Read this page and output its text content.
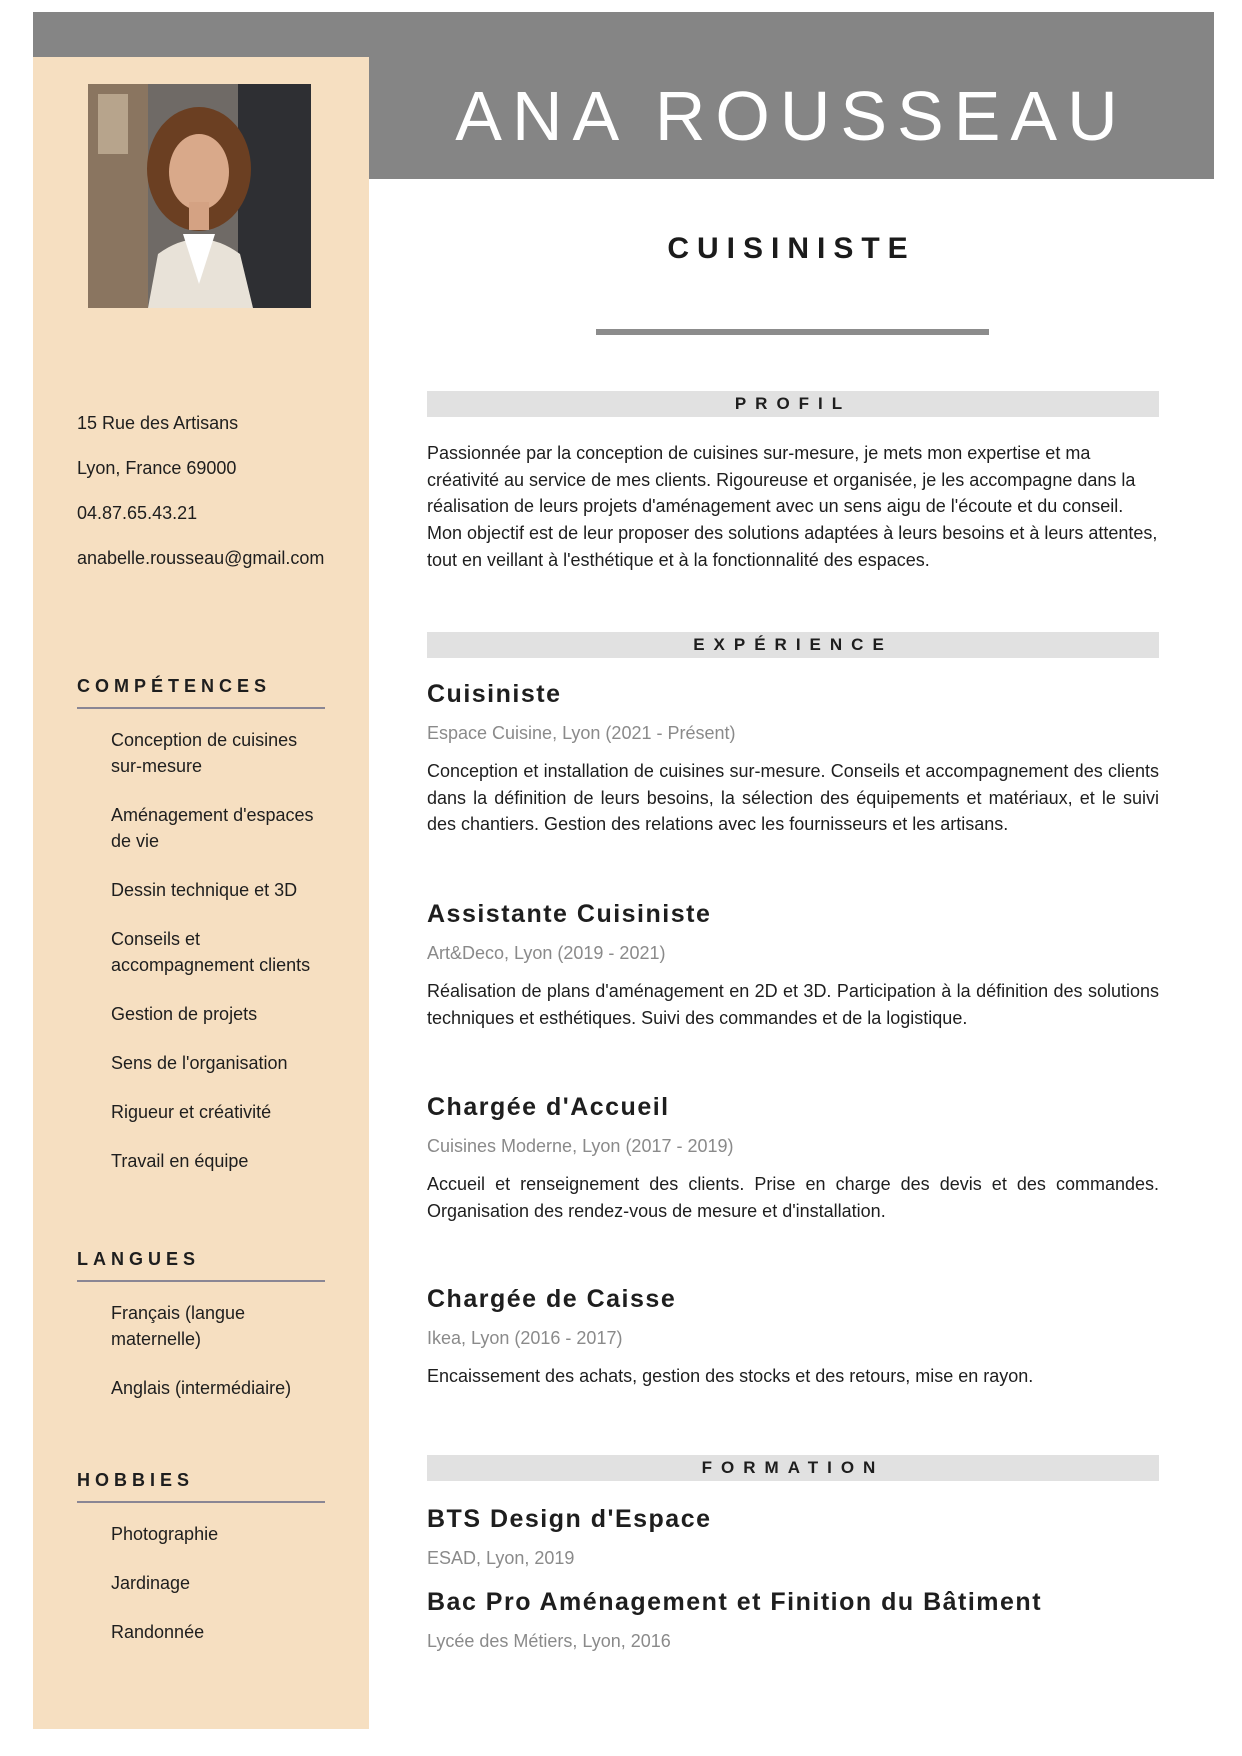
ANA ROUSSEAU
CUISINISTE
15 Rue des Artisans
Lyon, France 69000
04.87.65.43.21
anabelle.rousseau@gmail.com
COMPÉTENCES
Conception de cuisines sur-mesure
Aménagement d'espaces de vie
Dessin technique et 3D
Conseils et accompagnement clients
Gestion de projets
Sens de l'organisation
Rigueur et créativité
Travail en équipe
LANGUES
Français (langue maternelle)
Anglais (intermédiaire)
HOBBIES
Photographie
Jardinage
Randonnée
PROFIL

Passionnée par la conception de cuisines sur-mesure, je mets mon expertise et ma créativité au service de mes clients. Rigoureuse et organisée, je les accompagne dans la réalisation de leurs projets d'aménagement avec un sens aigu de l'écoute et du conseil. Mon objectif est de leur proposer des solutions adaptées à leurs besoins et à leurs attentes, tout en veillant à l'esthétique et à la fonctionnalité des espaces.

EXPÉRIENCE
Cuisiniste

Espace Cuisine, Lyon (2021 - Présent)

Conception et installation de cuisines sur-mesure. Conseils et accompagnement des clients dans la définition de leurs besoins, la sélection des équipements et matériaux, et le suivi des chantiers. Gestion des relations avec les fournisseurs et les artisans.

Assistante Cuisiniste

Art&Deco, Lyon (2019 - 2021)

Réalisation de plans d'aménagement en 2D et 3D. Participation à la définition des solutions techniques et esthétiques. Suivi des commandes et de la logistique.

Chargée d'Accueil

Cuisines Moderne, Lyon (2017 - 2019)

Accueil et renseignement des clients. Prise en charge des devis et des commandes. Organisation des rendez-vous de mesure et d'installation.

Chargée de Caisse

Ikea, Lyon (2016 - 2017)

Encaissement des achats, gestion des stocks et des retours, mise en rayon.

FORMATION
BTS Design d'Espace

ESAD, Lyon, 2019

Bac Pro Aménagement et Finition du Bâtiment

Lycée des Métiers, Lyon, 2016
